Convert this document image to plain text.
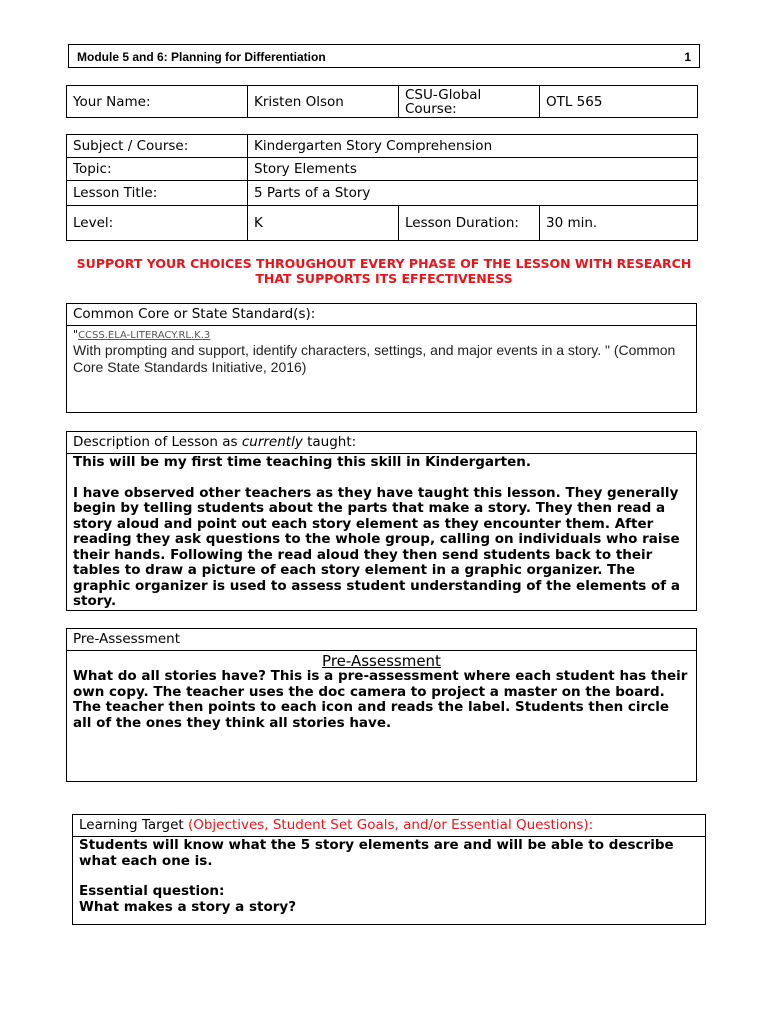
Module 5 and 6: Planning for Differentiation	1
Your Name:	Kristen Olson	CSU-Global Course:	OTL 565
Subject / Course:	Kindergarten Story Comprehension		
Topic:	Story Elements		
Lesson Title:	5 Parts of a Story		
Level:	K	Lesson Duration:	30 min.
SUPPORT YOUR CHOICES THROUGHOUT EVERY PHASE OF THE LESSON WITH RESEARCH THAT SUPPORTS ITS EFFECTIVENESS
Common Core or State Standard(s):
"CCSS.ELA-LITERACY.RL.K.3
With prompting and support, identify characters, settings, and major events in a story. " (Common Core State Standards Initiative, 2016)
Description of Lesson as currently taught:
This will be my first time teaching this skill in Kindergarten.
I have observed other teachers as they have taught this lesson. They generally begin by telling students about the parts that make a story. They then read a story aloud and point out each story element as they encounter them. After reading they ask questions to the whole group, calling on individuals who raise their hands. Following the read aloud they then send students back to their tables to draw a picture of each story element in a graphic organizer. The graphic organizer is used to assess student understanding of the elements of a story.
Pre-Assessment
Pre-Assessment
What do all stories have? This is a pre-assessment where each student has their own copy. The teacher uses the doc camera to project a master on the board. The teacher then points to each icon and reads the label. Students then circle all of the ones they think all stories have.
Learning Target (Objectives, Student Set Goals, and/or Essential Questions):
Students will know what the 5 story elements are and will be able to describe what each one is.
Essential question:
What makes a story a story?
